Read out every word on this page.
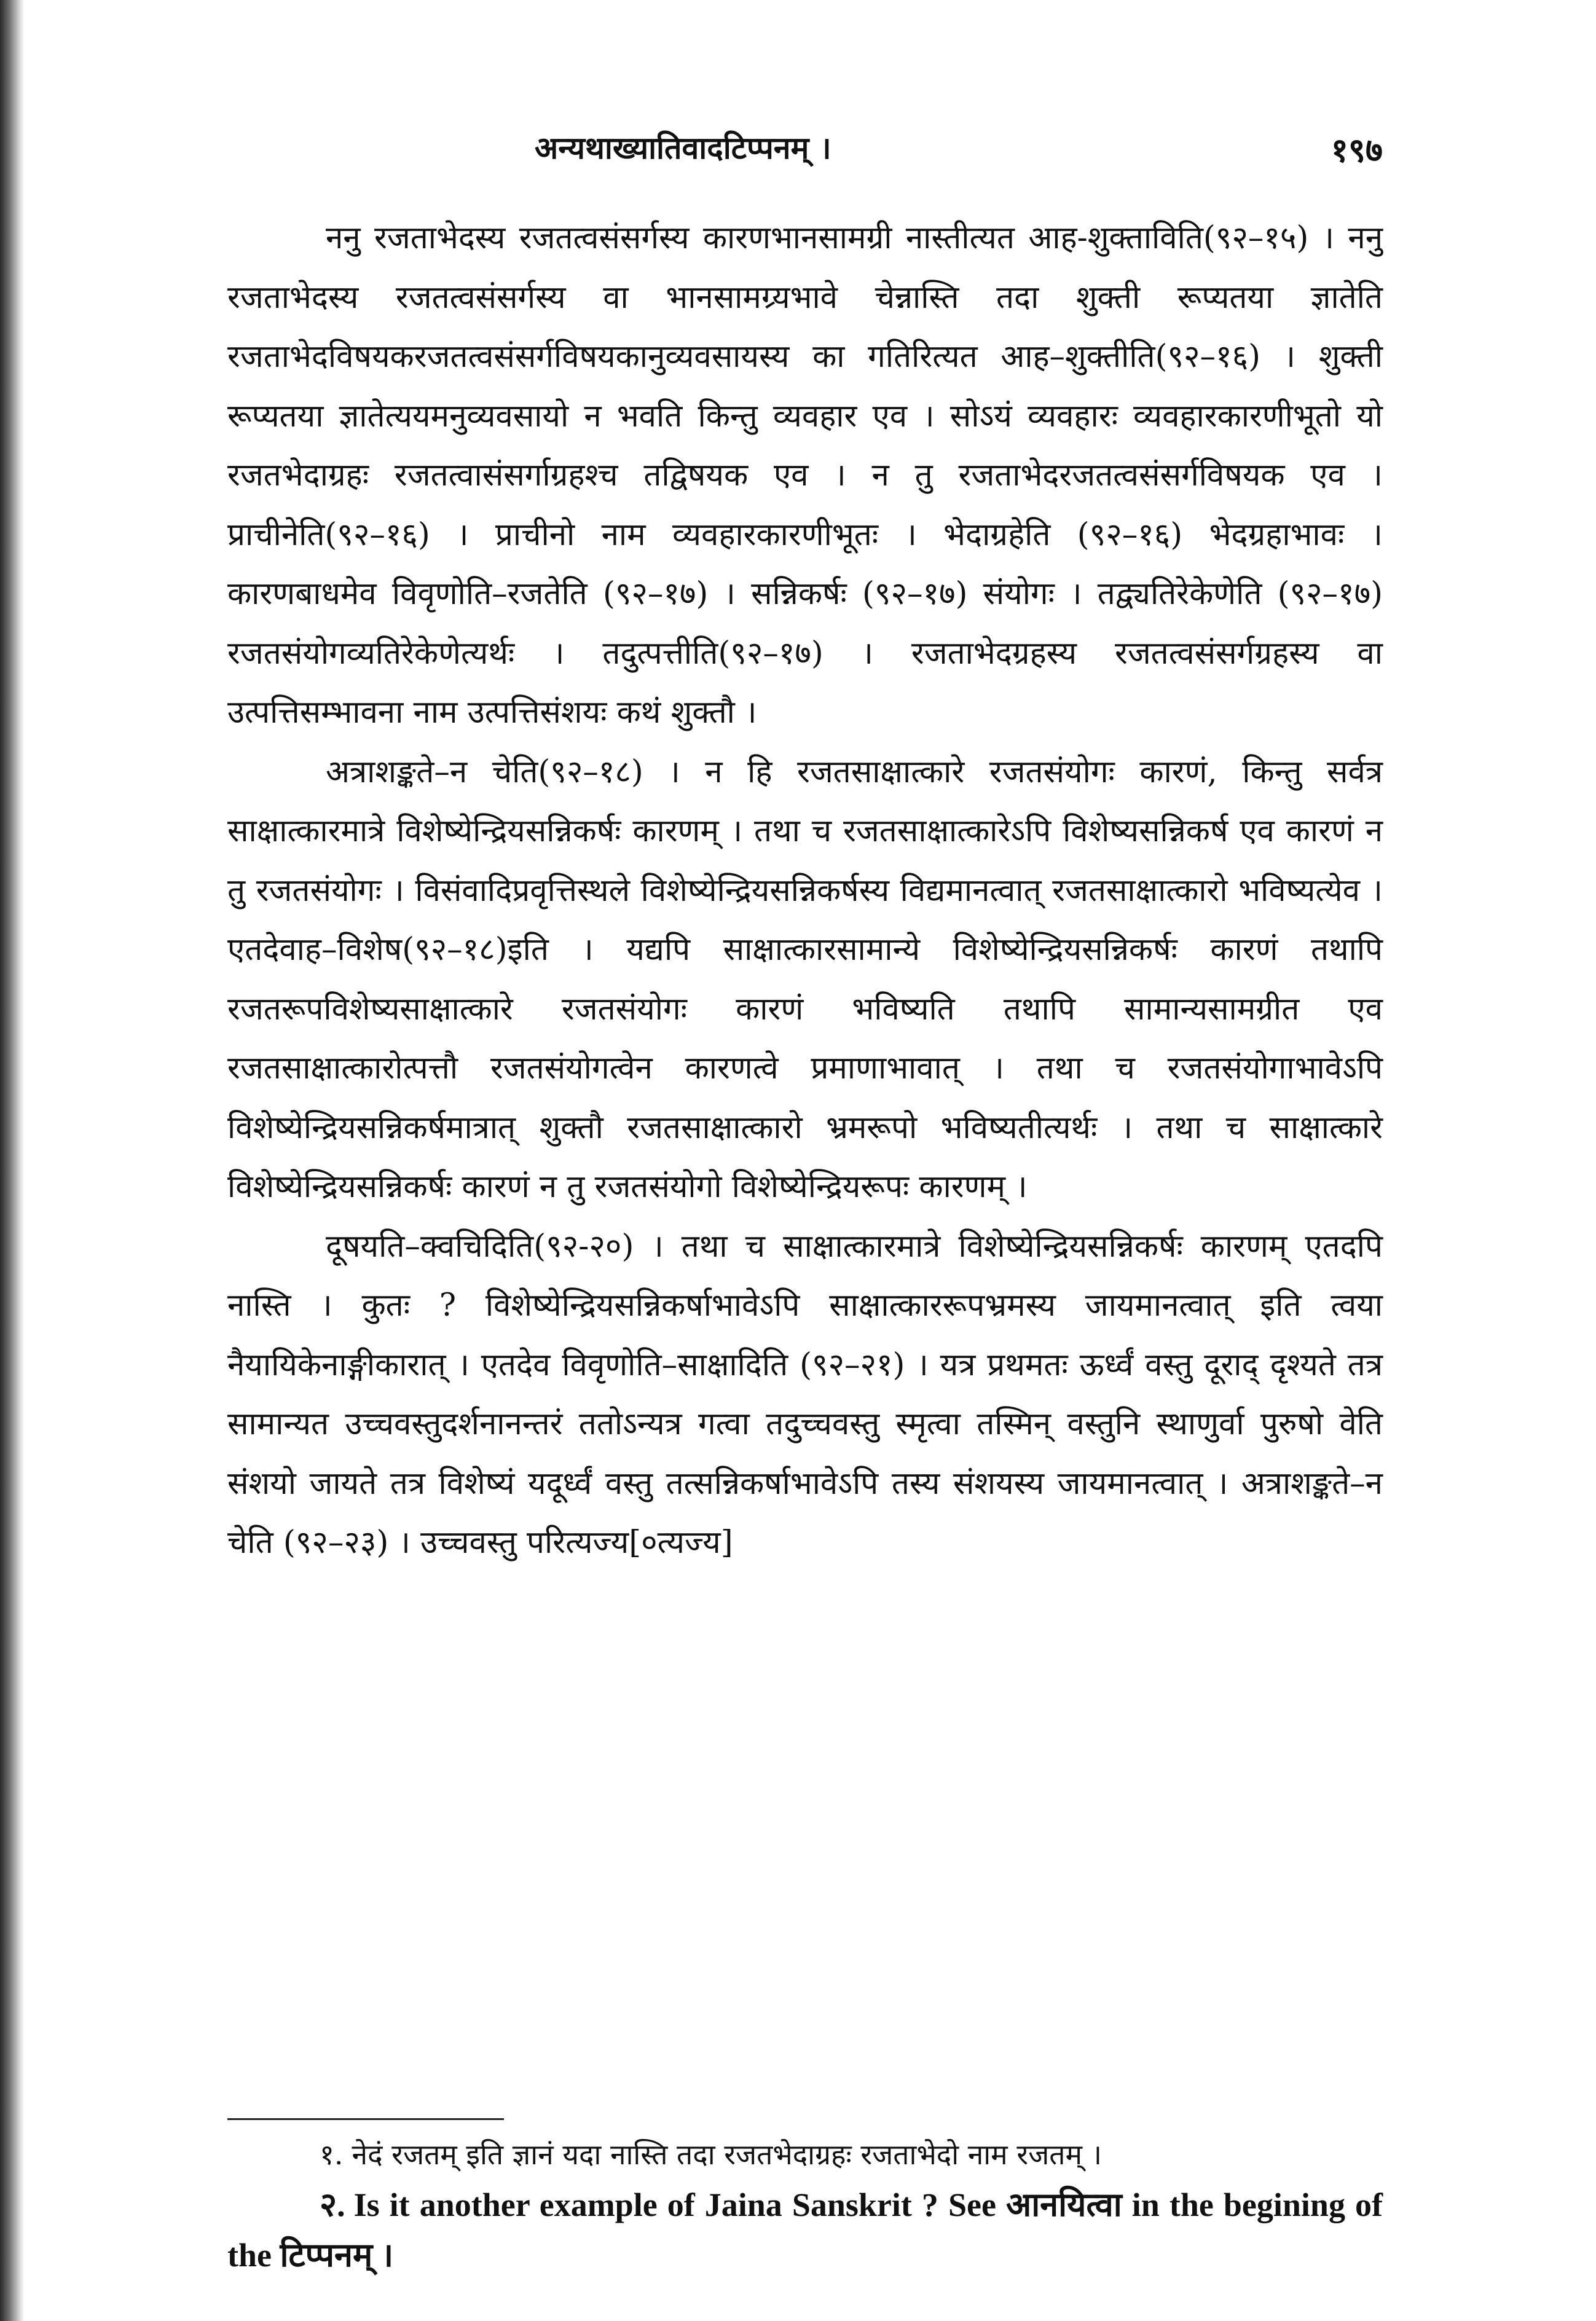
अन्यथाख्यातिवादटिप्पनम् ।	१९७

ननु रजताभेदस्य रजतत्वसंसर्गस्य कारणभानसामग्री नास्तीत्यत आह-शुक्ताविति(९२–१५) । ननु रजताभेदस्य रजतत्वसंसर्गस्य वा भानसामग्र्यभावे चेन्नास्ति तदा शुक्ती रूप्यतया ज्ञातेति रजताभेदविषयकरजतत्वसंसर्गविषयकानुव्यवसायस्य का गतिरित्यत आह–शुक्तीति(९२–१६) । शुक्ती रूप्यतया ज्ञातेत्ययमनुव्यवसायो न भवति किन्तु व्यवहार एव । सोऽयं व्यवहारः व्यवहारकारणीभूतो यो रजतभेदाग्रहः रजतत्वासंसर्गाग्रहश्च तद्विषयक एव । न तु रजताभेदरजतत्वसंसर्गविषयक एव । प्राचीनेति(९२–१६) । प्राचीनो नाम व्यवहारकारणीभूतः । भेदाग्रहेति (९२–१६) भेदग्रहाभावः । कारणबाधमेव विवृणोति–रजतेति (९२–१७) । सन्निकर्षः (९२–१७) संयोगः । तद्व्यतिरेकेणेति (९२–१७) रजतसंयोगव्यतिरेकेणेत्यर्थः । तदुत्पत्तीति(९२–१७) । रजताभेदग्रहस्य रजतत्वसंसर्गग्रहस्य वा उत्पत्तिसम्भावना नाम उत्पत्तिसंशयः कथं शुक्तौ ।

अत्राशङ्कते–न चेति(९२–१८) । न हि रजतसाक्षात्कारे रजतसंयोगः कारणं, किन्तु सर्वत्र साक्षात्कारमात्रे विशेष्येन्द्रियसन्निकर्षः कारणम् । तथा च रजतसाक्षात्कारेऽपि विशेष्यसन्निकर्ष एव कारणं न तु रजतसंयोगः । विसंवादिप्रवृत्तिस्थले विशेष्येन्द्रियसन्निकर्षस्य विद्यमानत्वात् रजतसाक्षात्कारो भविष्यत्येव । एतदेवाह–विशेष(९२–१८)इति । यद्यपि साक्षात्कारसामान्ये विशेष्येन्द्रियसन्निकर्षः कारणं तथापि रजतरूपविशेष्यसाक्षात्कारे रजतसंयोगः कारणं भविष्यति तथापि सामान्यसामग्रीत एव रजतसाक्षात्कारोत्पत्तौ रजतसंयोगत्वेन कारणत्वे प्रमाणाभावात् । तथा च रजतसंयोगाभावेऽपि विशेष्येन्द्रियसन्निकर्षमात्रात् शुक्तौ रजतसाक्षात्कारो भ्रमरूपो भविष्यतीत्यर्थः । तथा च साक्षात्कारे विशेष्येन्द्रियसन्निकर्षः कारणं न तु रजतसंयोगो विशेष्येन्द्रियरूपः कारणम् ।

दूषयति–क्वचिदिति(९२-२०) । तथा च साक्षात्कारमात्रे विशेष्येन्द्रियसन्निकर्षः कारणम् एतदपि नास्ति । कुतः ? विशेष्येन्द्रियसन्निकर्षाभावेऽपि साक्षात्काररूपभ्रमस्य जायमानत्वात् इति त्वया नैयायिकेनाङ्गीकारात् । एतदेव विवृणोति–साक्षादिति (९२–२१) । यत्र प्रथमतः ऊर्ध्वं वस्तु दूराद् दृश्यते तत्र सामान्यत उच्चवस्तुदर्शनानन्तरं ततोऽन्यत्र गत्वा तदुच्चवस्तु स्मृत्वा तस्मिन् वस्तुनि स्थाणुर्वा पुरुषो वेति संशयो जायते तत्र विशेष्यं यदूर्ध्वं वस्तु तत्सन्निकर्षाभावेऽपि तस्य संशयस्य जायमानत्वात् । अत्राशङ्कते–न चेति (९२–२३) । उच्चवस्तु परित्यज्य[०त्यज्य]

१. नेदं रजतम् इति ज्ञानं यदा नास्ति तदा रजतभेदाग्रहः रजताभेदो नाम रजतम् ।

२. Is it another example of Jaina Sanskrit ? See आनयित्वा in the begining of the टिप्पनम् ।
